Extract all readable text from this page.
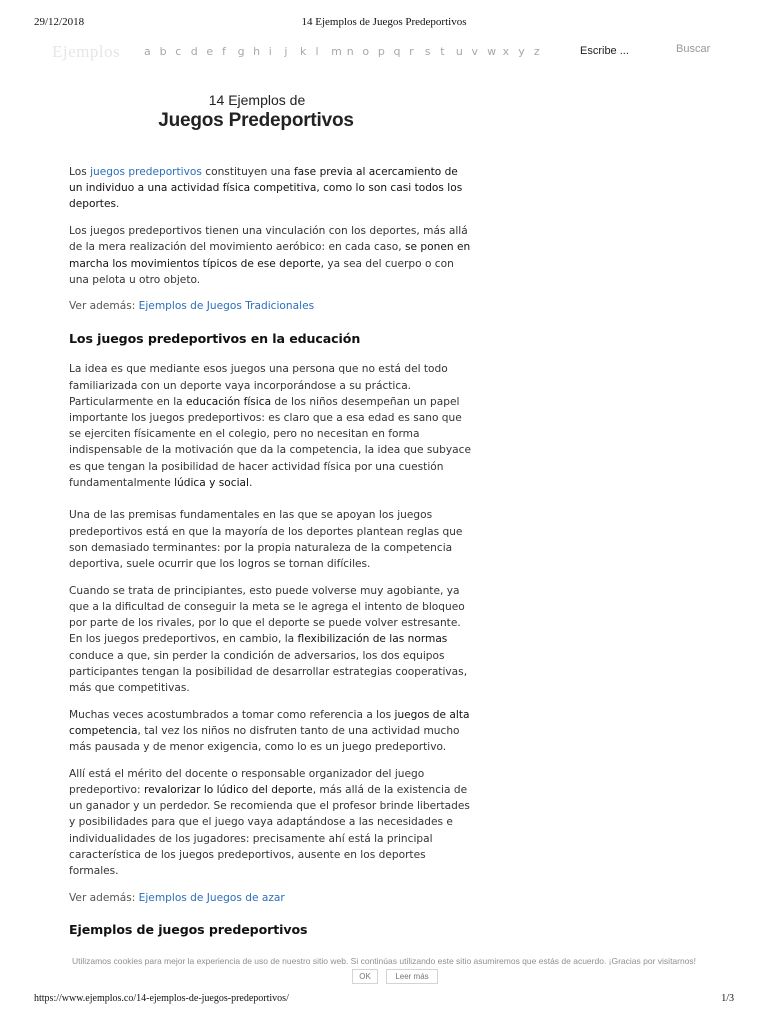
29/12/2018	14 Ejemplos de Juegos Predeportivos
Ejemplos a b c d e f	g h i	j	k l	m n o p q r	s t	u v w x y z
Escribe ...	Buscar
14 Ejemplos de
Juegos Predeportivos

Los juegos predeportivos constituyen una fase previa al acercamiento de un individuo a una actividad física competitiva, como lo son casi todos los deportes.

Los juegos predeportivos tienen una vinculación con los deportes, más allá de la mera realización del movimiento aeróbico: en cada caso, se ponen en marcha los movimientos típicos de ese deporte, ya sea del cuerpo o con una pelota u otro objeto.

Ver además: Ejemplos de Juegos Tradicionales

Los juegos predeportivos en la educación

La idea es que mediante esos juegos una persona que no está del todo familiarizada con un deporte vaya incorporándose a su práctica. Particularmente en la educación física de los niños desempeñan un papel importante los juegos predeportivos: es claro que a esa edad es sano que se ejerciten físicamente en el colegio, pero no necesitan en forma indispensable de la motivación que da la competencia, la idea que subyace es que tengan la posibilidad de hacer actividad física por una cuestión fundamentalmente lúdica y social.

Una de las premisas fundamentales en las que se apoyan los juegos predeportivos está en que la mayoría de los deportes plantean reglas que son demasiado terminantes: por la propia naturaleza de la competencia deportiva, suele ocurrir que los logros se tornan difíciles.

Cuando se trata de principiantes, esto puede volverse muy agobiante, ya que a la dificultad de conseguir la meta se le agrega el intento de bloqueo por parte de los rivales, por lo que el deporte se puede volver estresante. En los juegos predeportivos, en cambio, la flexibilización de las normas conduce a que, sin perder la condición de adversarios, los dos equipos participantes tengan la posibilidad de desarrollar estrategias cooperativas, más que competitivas.

Muchas veces acostumbrados a tomar como referencia a los juegos de alta competencia, tal vez los niños no disfruten tanto de una actividad mucho más pausada y de menor exigencia, como lo es un juego predeportivo.

Allí está el mérito del docente o responsable organizador del juego predeportivo: revalorizar lo lúdico del deporte, más allá de la existencia de un ganador y un perdedor. Se recomienda que el profesor brinde libertades y posibilidades para que el juego vaya adaptándose a las necesidades e individualidades de los jugadores: precisamente ahí está la principal característica de los juegos predeportivos, ausente en los deportes formales.

Ver además: Ejemplos de Juegos de azar

Ejemplos de juegos predeportivos
Utilizamos cookies para mejor la experiencia de uso de nuestro sitio web. Si continúas utilizando este sitio asumiremos que estás de acuerdo. ¡Gracias por visitarnos!
OK	Leer más
https://www.ejemplos.co/14-ejemplos-de-juegos-predeportivos/	1/3
